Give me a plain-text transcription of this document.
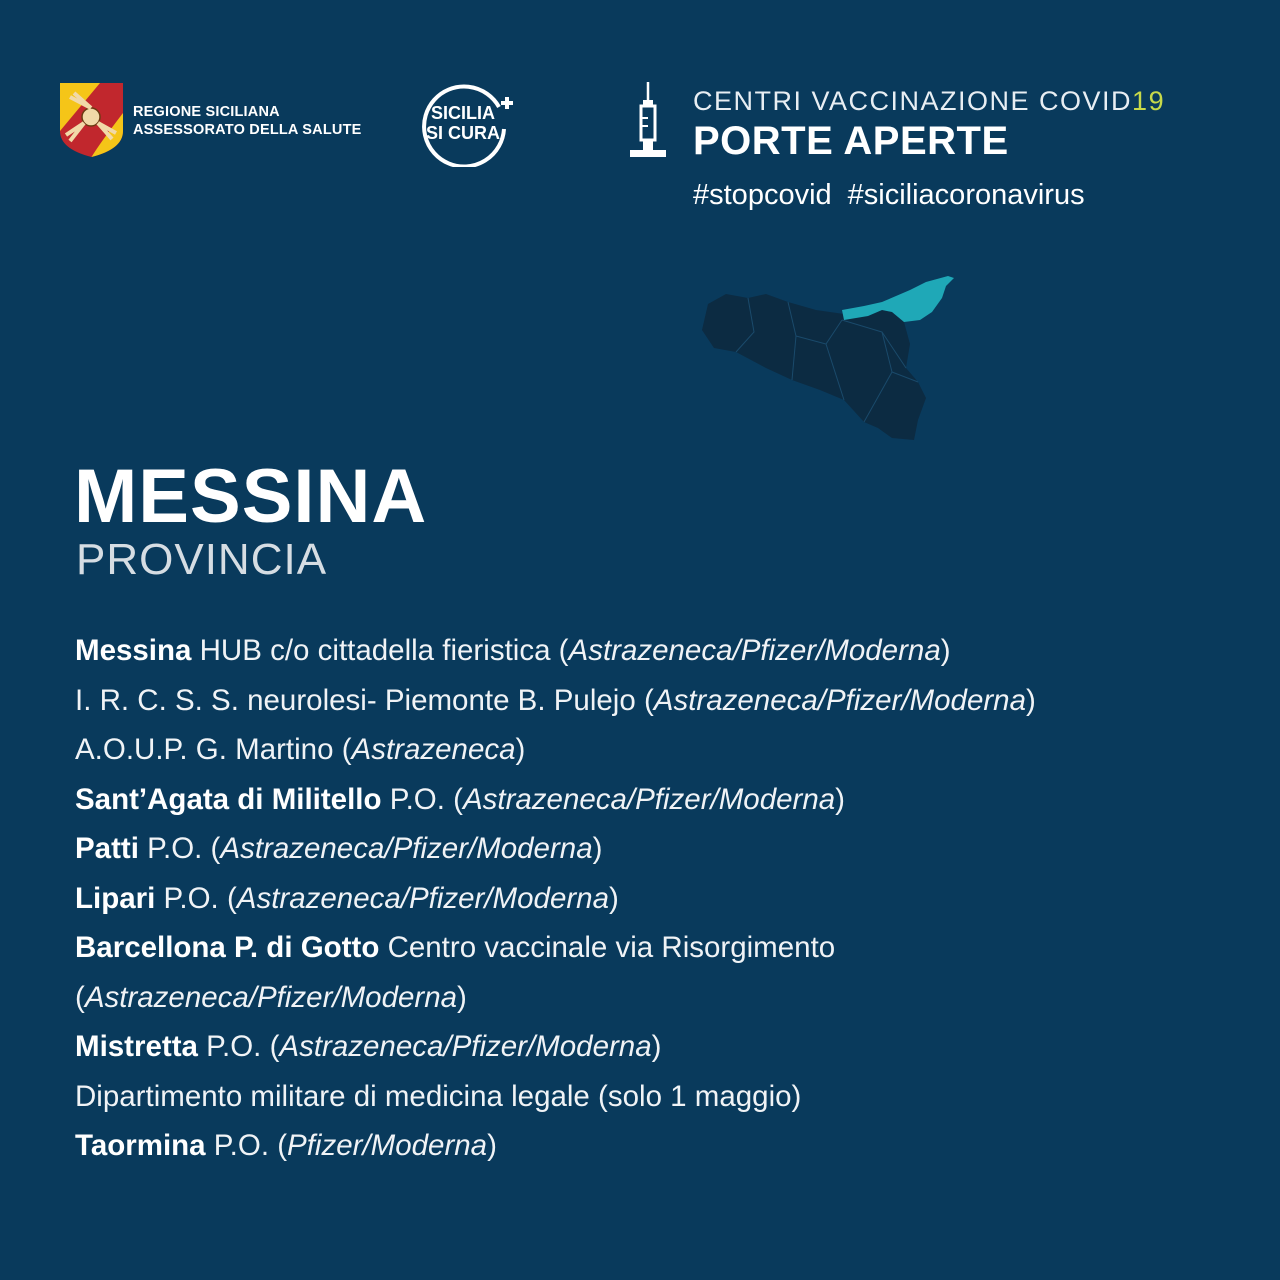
REGIONE SICILIANA
ASSESSORATO DELLA SALUTE
SICILIA
SI CURA
CENTRI VACCINAZIONE COVID19
PORTE APERTE
#stopcovid #siciliacoronavirus
MESSINA
PROVINCIA
Messina HUB c/o cittadella fieristica (Astrazeneca/Pfizer/Moderna)
I. R. C. S. S. neurolesi- Piemonte B. Pulejo (Astrazeneca/Pfizer/Moderna)
A.O.U.P. G. Martino (Astrazeneca)
Sant’Agata di Militello P.O. (Astrazeneca/Pfizer/Moderna)
Patti P.O. (Astrazeneca/Pfizer/Moderna)
Lipari P.O. (Astrazeneca/Pfizer/Moderna)
Barcellona P. di Gotto Centro vaccinale via Risorgimento
(Astrazeneca/Pfizer/Moderna)
Mistretta P.O. (Astrazeneca/Pfizer/Moderna)
Dipartimento militare di medicina legale (solo 1 maggio)
Taormina P.O. (Pfizer/Moderna)
